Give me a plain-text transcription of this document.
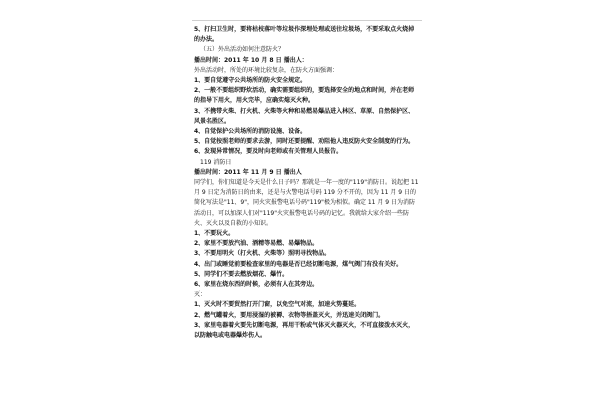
5、打扫卫生时，要将枯枝落叶等垃圾作深埋处理或送往垃圾场，不要采取点火烧掉的办法。
（五）外出活动如何注意防火？
播出时间：2011 年 10 月 8 日 播出人：
外出活动时，所处的环境比较复杂，在防火方面强调：
1、要自觉遵守公共场所的防火安全规定。
2、一般不要组织野炊活动，确实需要组织的，要选择安全的地点和时间，并在老师的指导下用火，用火完毕，应确实熄灭火种。
3、不携带火柴、打火机、火柴等火种和易燃易爆品进入林区、草原、自然保护区、风景名胜区。
4、自觉保护公共场所的消防设施、设备。
5、自觉按照老师的要求去游，同时还要提醒、劝阻他人违反防火安全制度的行为。
6、发现异常情况，要及时向老师或有关管理人员报告。
119 消防日
播出时间：2011 年 11 月 9 日 播出人
同学们，你们知道是今天是什么日子吗？那就是一年一度的"119"消防日。说起把 11 月 9 日定为消防日的由来，还是与火警电话号码 119 分不开的，因为 11 月 9 日的简化写法是"11、9"，同火灾报警电话号码"119"极为相似。确定 11 月 9 日为消防活动日，可以加深人们对"119"火灾报警电话号码的记忆。我就给大家介绍一些防火、灭火以及自救的小知识。
1、不要玩火。
2、家里不要放汽油、酒精等易燃、易爆物品。
3、不要用明火（打火机、火柴等）照明寻找物品。
4、出门或睡觉前要检查家里的电器是否已经切断电源，煤气阀门有没有关好。
5、同学们不要去燃放烟花、爆竹。
6、家里在烧东西的时候，必须有人在其旁边。
灭：
1、灭火时不要贸然打开门窗，以免空气对流，加速火势蔓延。
2、燃气罐着火，要用浸湿的被褥、衣物等捂盖灭火，并迅速关闭阀门。
3、家里电器着火要先切断电源，再用干粉或气体灭火器灭火，不可直接泼水灭火，以防触电或电器爆炸伤人。
